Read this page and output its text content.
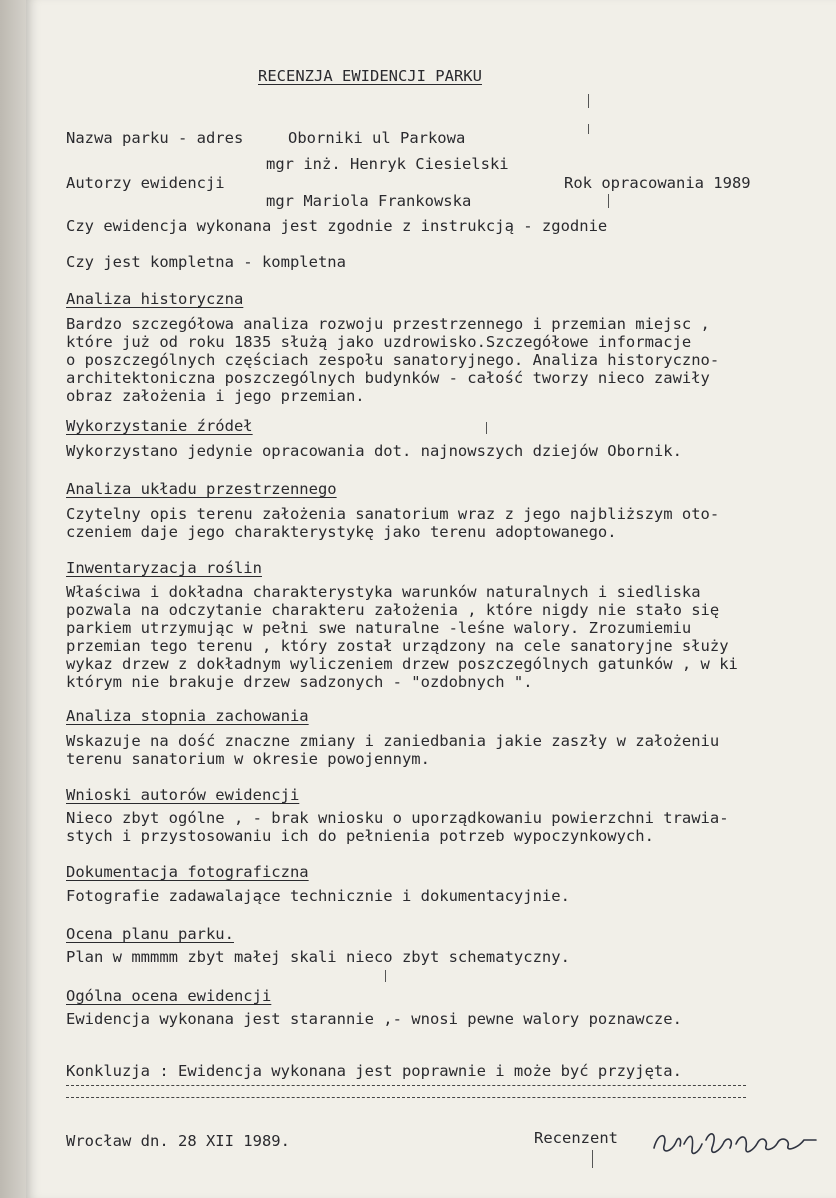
RECENZJA EWIDENCJI PARKU
Nazwa parku - adres	Oborniki ul Parkowa
mgr inż. Henryk Ciesielski
Autorzy ewidencji	Rok opracowania 1989
mgr Mariola Frankowska
Czy ewidencja wykonana jest zgodnie z instrukcją - zgodnie
Czy jest kompletna - kompletna
Analiza historyczna
Bardzo szczegółowa analiza rozwoju przestrzennego i przemian miejsc ,
które już od roku 1835 służą jako uzdrowisko.Szczegółowe informacje
o poszczególnych częściach zespołu sanatoryjnego. Analiza historyczno-
architektoniczna poszczególnych budynków - całość tworzy nieco zawiły
obraz założenia i jego przemian.
Wykorzystanie źródeł
Wykorzystano jedynie opracowania dot. najnowszych dziejów Obornik.
Analiza układu przestrzennego
Czytelny opis terenu założenia sanatorium wraz z jego najbliższym oto-
czeniem daje jego charakterystykę jako terenu adoptowanego.
Inwentaryzacja roślin
Właściwa i dokładna charakterystyka warunków naturalnych i siedliska
pozwala na odczytanie charakteru założenia , które nigdy nie stało się
parkiem utrzymując w pełni swe naturalne -leśne walory. Zrozumiemiu
przemian tego terenu , który został urządzony na cele sanatoryjne służy
wykaz drzew z dokładnym wyliczeniem drzew poszczególnych gatunków , w ki
którym nie brakuje drzew sadzonych - "ozdobnych ".
Analiza stopnia zachowania
Wskazuje na dość znaczne zmiany i zaniedbania jakie zaszły w założeniu
terenu sanatorium w okresie powojennym.
Wnioski autorów ewidencji
Nieco zbyt ogólne , - brak wniosku o uporządkowaniu powierzchni trawia-
stych i przystosowaniu ich do pełnienia potrzeb wypoczynkowych.
Dokumentacja fotograficzna
Fotografie zadawalające technicznie i dokumentacyjnie.
Ocena planu parku.
Plan w mmmmm zbyt małej skali nieco zbyt schematyczny.
Ogólna ocena ewidencji
Ewidencja wykonana jest starannie ,- wnosi pewne walory poznawcze.
Konkluzja : Ewidencja wykonana jest poprawnie i może być przyjęta.
Wrocław dn. 28 XII 1989.	Recenzent
